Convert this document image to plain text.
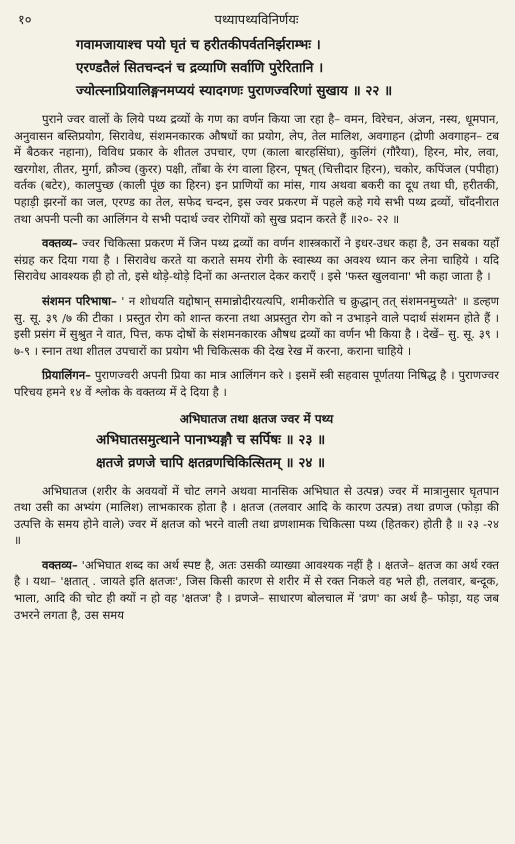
१०	पथ्यापथ्यविनिर्णयः
गवामजायाश्च पयो घृतं च हरीतकीपर्वतनिर्झराम्भः ।
एरण्डतैलं सितचन्दनं च द्रव्याणि सर्वाणि पुरेरितानि ।
ज्योत्स्नाप्रियालिङ्गनमप्ययं स्यादगणः पुराणज्वरिणां सुखाय ॥ २२ ॥

पुराने ज्वर वालों के लिये पथ्य द्रव्यों के गण का वर्णन किया जा रहा है– वमन, विरेचन, अंजन, नस्य, धूमपान, अनुवासन बस्तिप्रयोग, सिरावेध, संशमनकारक औषधों का प्रयोग, लेप, तेल मालिश, अवगाहन (द्रोणी अवगाहन– टब में बैठकर नहाना), विविध प्रकार के शीतल उपचार, एण (काला बारहसिंघा), कुलिंगं (गौरैया), हिरन, मोर, लवा, खरगोश, तीतर, मुर्गा, क्रौञ्च (कुरर) पक्षी, ताँबा के रंग वाला हिरन, पृषत् (चित्तीदार हिरन), चकोर, कपिंजल (पपीहा) वर्तक (बटेर), कालपुच्छ (काली पूंछ का हिरन) इन प्राणियों का मांस, गाय अथवा बकरी का दूध तथा घी, हरीतकी, पहाड़ी झरनों का जल, एरण्ड का तेल, सफेद चन्दन, इस ज्वर प्रकरण में पहले कहे गये सभी पथ्य द्रव्यों, चाँदनीरात तथा अपनी पत्नी का आलिंगन ये सभी पदार्थ ज्वर रोगियों को सुख प्रदान करते हैं ॥२०- २२ ॥

वक्तव्य– ज्वर चिकित्सा प्रकरण में जिन पथ्य द्रव्यों का वर्णन शास्त्रकारों ने इधर-उधर कहा है, उन सबका यहाँ संग्रह कर दिया गया है । सिरावेध करते या कराते समय रोगी के स्वास्थ्य का अवश्य ध्यान कर लेना चाहिये । यदि सिरावेध आवश्यक ही हो तो, इसे थोड़े-थोड़े दिनों का अन्तराल देकर कराएँ । इसे 'फस्त खुलवाना' भी कहा जाता है ।

संशमन परिभाषा– ' न शोधयति यद्दोषान् समान्नोदीरयत्यपि, शमीकरोति च क्रुद्धान् तत् संशमनमुच्यते' ॥ डल्हण सु. सू. ३९ /७ की टीका । प्रस्तुत रोग को शान्त करना तथा अप्रस्तुत रोग को न उभाड़ने वाले पदार्थ संशमन होते हैं । इसी प्रसंग में सुश्रुत ने वात, पित्त, कफ दोषों के संशमनकारक औषध द्रव्यों का वर्णन भी किया है । देखें– सु. सू. ३९ । ७-९ । स्नान तथा शीतल उपचारों का प्रयोग भी चिकित्सक की देख रेख में करना, कराना चाहिये ।

प्रियालिंगन– पुराणज्वरी अपनी प्रिया का मात्र आलिंगन करे । इसमें स्त्री सहवास पूर्णतया निषिद्ध है । पुराणज्वर परिचय हमने १४ वें श्लोक के वक्तव्य में दे दिया है ।

अभिघातज तथा क्षतज ज्वर में पथ्य
अभिघातसमुत्थाने पानाभ्यङ्गौ च सर्पिषः ॥ २३ ॥
क्षतजे व्रणजे चापि क्षतव्रणचिकित्सितम् ॥ २४ ॥

अभिघातज (शरीर के अवयवों में चोट लगने अथवा मानसिक अभिघात से उत्पन्न) ज्वर में मात्रानुसार घृतपान तथा उसी का अभ्यंग (मालिश) लाभकारक होता है । क्षतज (तलवार आदि के कारण उत्पन्न) तथा व्रणज (फोड़ा की उत्पत्ति के समय होने वाले) ज्वर में क्षतज को भरने वाली तथा व्रणशामक चिकित्सा पथ्य (हितकर) होती है ॥ २३ -२४ ॥

वक्तव्य– 'अभिघात शब्द का अर्थ स्पष्ट है, अतः उसकी व्याख्या आवश्यक नहीं है । क्षतजे– क्षतज का अर्थ रक्त है । यथा– 'क्षतात् . जायते इति क्षतजः', जिस किसी कारण से शरीर में से रक्त निकले वह भले ही, तलवार, बन्दूक, भाला, आदि की चोट ही क्यों न हो वह 'क्षतज' है । व्रणजे– साधारण बोलचाल में 'व्रण' का अर्थ है– फोड़ा, यह जब उभरने लगता है, उस समय
